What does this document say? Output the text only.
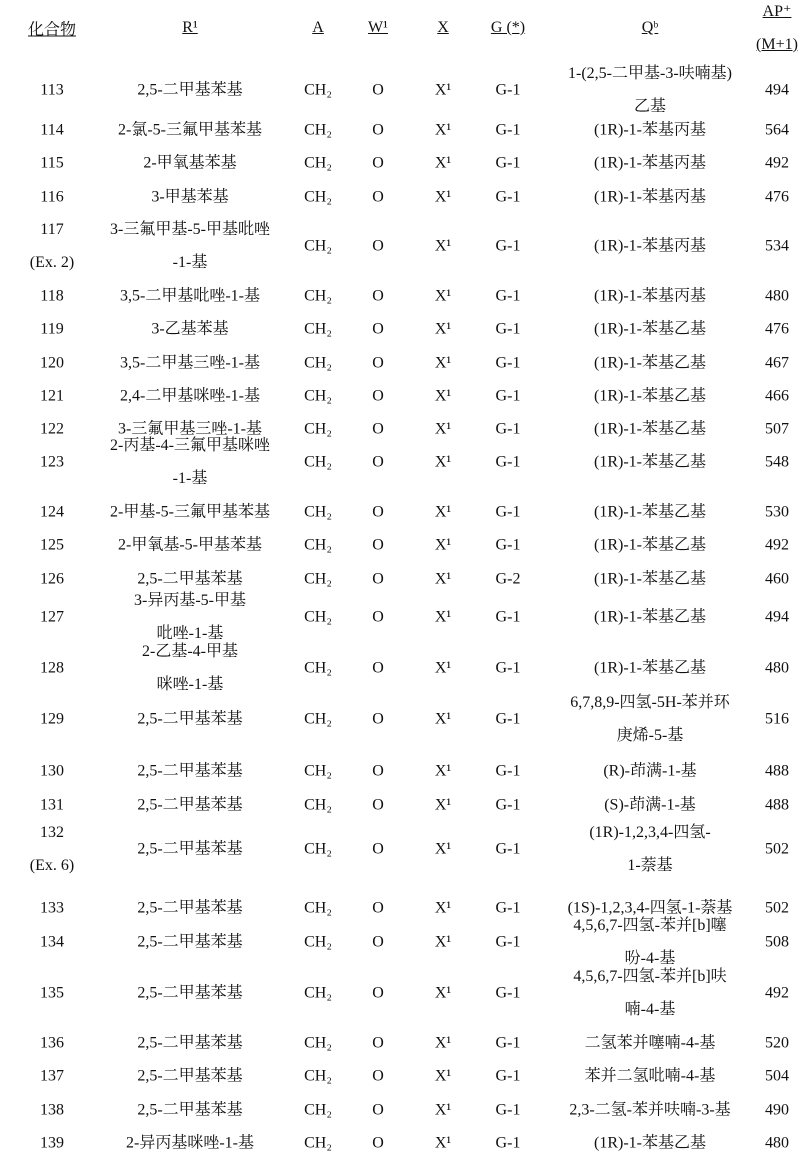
化合物	R¹	A	W¹	X	G (*)	Qᵇ
AP⁺
(M+1)
113	2,5-二甲基苯基	CH₂	O	X¹	G-1
1-(2,5-二甲基-3-呋喃基)
乙基
494
114	2-氯-5-三氟甲基苯基	CH₂	O	X¹	G-1	(1R)-1-苯基丙基	564
115	2-甲氧基苯基	CH₂	O	X¹	G-1	(1R)-1-苯基丙基	492
116	3-甲基苯基	CH₂	O	X¹	G-1	(1R)-1-苯基丙基	476
117
(Ex. 2)
3-三氟甲基-5-甲基吡唑
-1-基
CH₂	O	X¹	G-1	(1R)-1-苯基丙基	534
118	3,5-二甲基吡唑-1-基	CH₂	O	X¹	G-1	(1R)-1-苯基丙基	480
119	3-乙基苯基	CH₂	O	X¹	G-1	(1R)-1-苯基乙基	476
120	3,5-二甲基三唑-1-基	CH₂	O	X¹	G-1	(1R)-1-苯基乙基	467
121	2,4-二甲基咪唑-1-基	CH₂	O	X¹	G-1	(1R)-1-苯基乙基	466
122	3-三氟甲基三唑-1-基	CH₂	O	X¹	G-1	(1R)-1-苯基乙基	507
123
2-丙基-4-三氟甲基咪唑
-1-基
CH₂	O	X¹	G-1	(1R)-1-苯基乙基	548
124	2-甲基-5-三氟甲基苯基 CH₂	O	X¹	G-1	(1R)-1-苯基乙基	530
125	2-甲氧基-5-甲基苯基	CH₂	O	X¹	G-1	(1R)-1-苯基乙基	492
126	2,5-二甲基苯基	CH₂	O	X¹	G-2	(1R)-1-苯基乙基	460
127
3-异丙基-5-甲基
吡唑-1-基
CH₂	O	X¹	G-1	(1R)-1-苯基乙基	494
128
2-乙基-4-甲基
咪唑-1-基
CH₂	O	X¹	G-1	(1R)-1-苯基乙基	480
129	2,5-二甲基苯基	CH₂	O	X¹	G-1
6,7,8,9-四氢-5H-苯并环
庚烯-5-基
516
130	2,5-二甲基苯基	CH₂	O	X¹	G-1	(R)-茚满-1-基	488
131	2,5-二甲基苯基	CH₂	O	X¹	G-1	(S)-茚满-1-基	488
132
(Ex. 6)
2,5-二甲基苯基	CH₂	O	X¹	G-1
(1R)-1,2,3,4-四氢-
1-萘基
502
133	2,5-二甲基苯基	CH₂	O	X¹	G-1	(1S)-1,2,3,4-四氢-1-萘基 502
134	2,5-二甲基苯基	CH₂	O	X¹	G-1
4,5,6,7-四氢-苯并[b]噻
吩-4-基
508
135	2,5-二甲基苯基	CH₂	O	X¹	G-1
4,5,6,7-四氢-苯并[b]呋
喃-4-基
492
136	2,5-二甲基苯基	CH₂	O	X¹	G-1	二氢苯并噻喃-4-基	520
137	2,5-二甲基苯基	CH₂	O	X¹	G-1	苯并二氢吡喃-4-基	504
138	2,5-二甲基苯基	CH₂	O	X¹	G-1	2,3-二氢-苯并呋喃-3-基 490
139	2-异丙基咪唑-1-基	CH₂	O	X¹	G-1	(1R)-1-苯基乙基	480
